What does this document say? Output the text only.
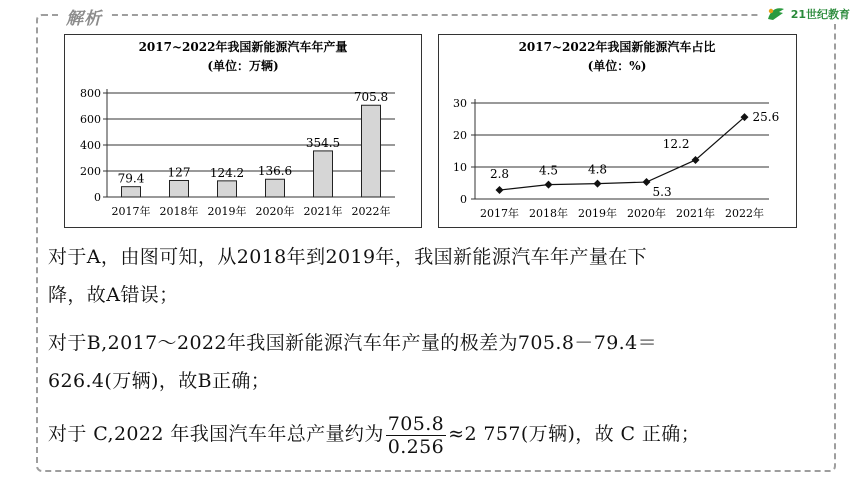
解析	21世纪教育
2017~2022年我国新能源汽车年产量
(单位：万辆)
0
200
400
600
800
79.4
2017年
127
2018年
124.2
2019年
136.6
2020年
354.5
2021年
705.8
2022年
2017~2022年我国新能源汽车占比
(单位：%)
0
10
20
30
2.8
2017年
4.5
2018年
4.8
2019年
5.3
2020年
12.2
2021年
25.6
2022年
对于A，由图可知，从2018年到2019年，我国新能源汽车年产量在下
降，故A错误；
对于B,2017～2022年我国新能源汽车年产量的极差为705.8－79.4＝
626.4(万辆)，故B正确；
对于 C,2022 年我国汽车年总产量约为 $\frac{705.8}{0.256} \approx 2$ 757(万辆)，故 C 正确；
